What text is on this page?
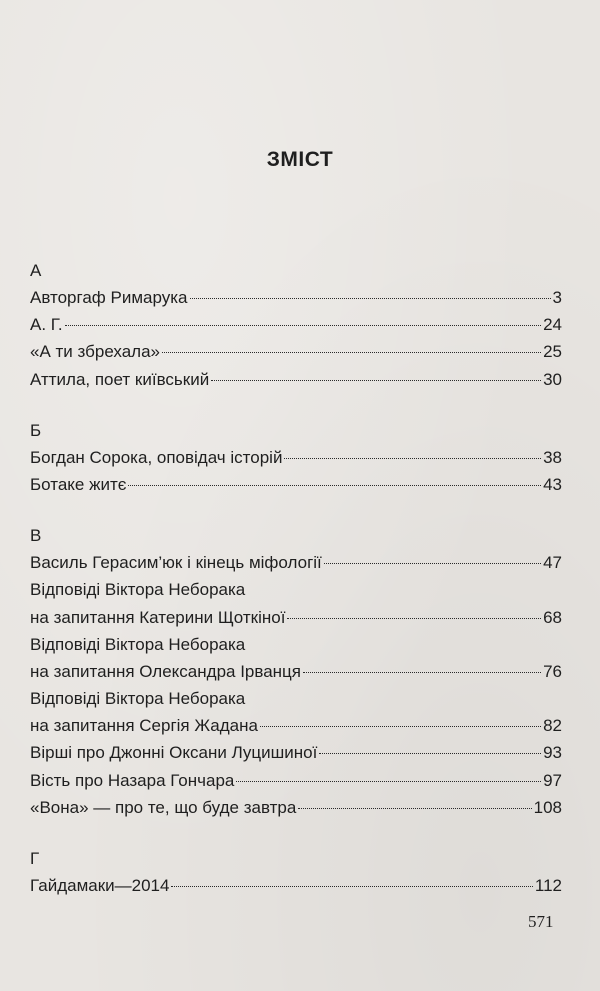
ЗМІСТ
А
Авторгаф Римарука	3
А. Г.	24
«А ти збрехала»	25
Аттила, поет київський	30
Б
Богдан Сорока, оповідач історій	38
Ботаке житє	43
В
Василь Герасим’юк і кінець міфології	47
Відповіді Віктора Неборака
на запитання Катерини Щоткіної	68
Відповіді Віктора Неборака
на запитання Олександра Ірванця	76
Відповіді Віктора Неборака
на запитання Сергія Жадана	82
Вірші про Джонні Оксани Луцишиної	93
Вість про Назара Гончара	97
«Вона» — про те, що буде завтра	108
Г
Гайдамаки—2014	112
571
